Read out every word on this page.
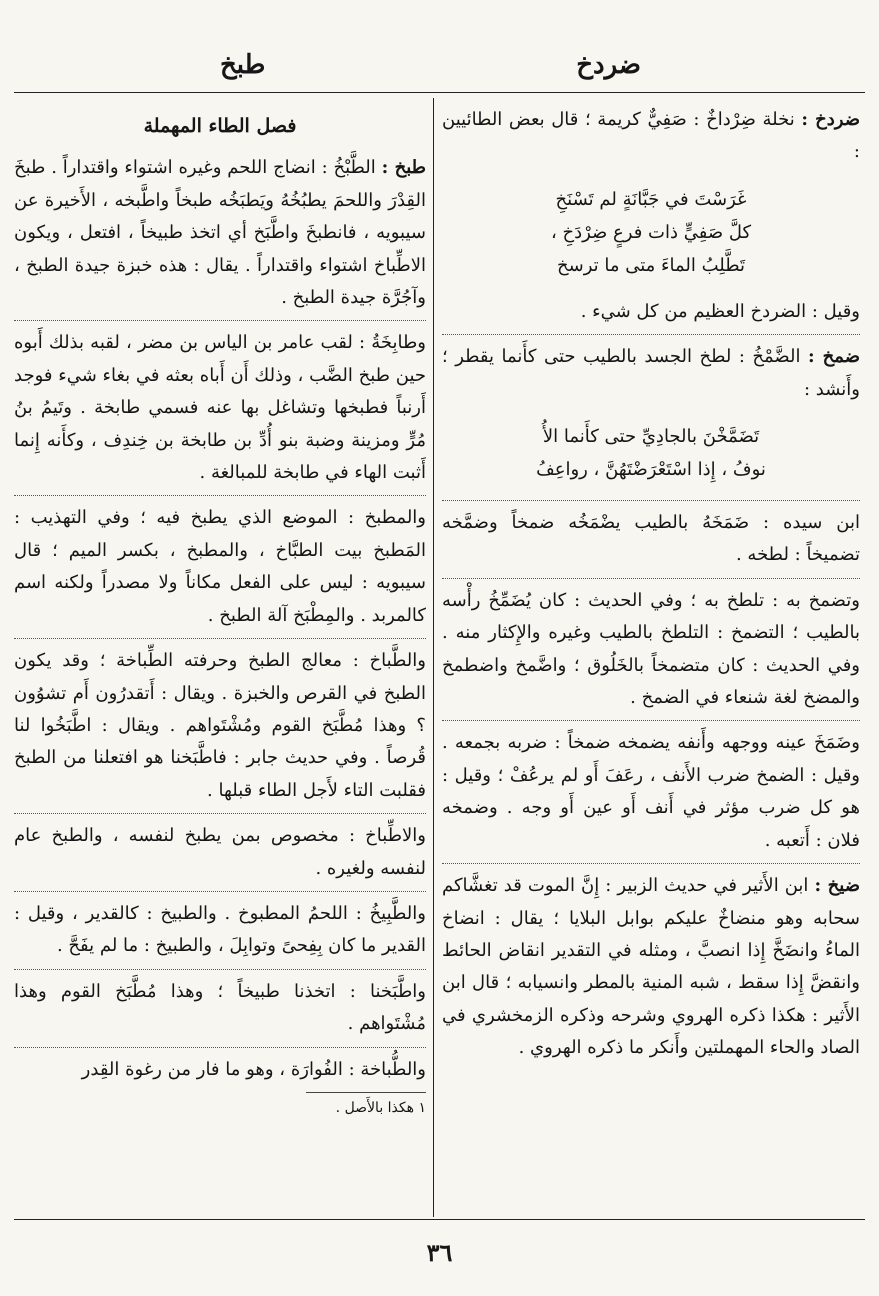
ضردخ
طبخ

ضردخ : نخلة ضِرْداخٌ : صَفِيٌّ كريمة ؛ قال بعض الطائيين :

غَرَسْتَ في جَبَّانَةٍ لم تَسْنَخِ
كلَّ صَفِيٍّ ذات فرعٍ ضِرْدَخِ ،
تَطَّلِبُ الماءَ متى ما ترسخ

وقيل : الضردخ العظيم من كل شيء .

ضمخ : الضَّمْخُ : لطخ الجسد بالطيب حتى كأَنما يقطر ؛ وأَنشد :

تَضَمَّخْنَ بالجادِيِّ حتى كأَنما الأُ
نوفُ ، إِذا اسْتَعْرَضْتَهُنَّ ، رواعِفُ

ابن سيده : ضَمَخَهُ بالطيب يضْمَخُه ضمخاً وضمَّخه تضميخاً : لطخه .

وتضمخ به : تلطخ به ؛ وفي الحديث : كان يُضَمِّخُ رأْسه بالطيب ؛ التضمخ : التلطخ بالطيب وغيره والإِكثار منه . وفي الحديث : كان متضمخاً بالخَلُوق ؛ واضَّمخ واضطمخ والمضخ لغة شنعاء في الضمخ .

وضَمَخَ عينه ووجهه وأَنفه يضمخه ضمخاً : ضربه بجمعه . وقيل : الضمخ ضرب الأَنف ، رعَفَ أَو لم يرعُفْ ؛ وقيل : هو كل ضرب مؤثر في أَنف أَو عين أَو وجه . وضمخه فلان : أَتعبه .

ضيخ : ابن الأَثير في حديث الزبير : إِنَّ الموت قد تغشَّاكم سحابه وهو منضاخٌ عليكم بوابل البلايا ؛ يقال : انضاخ الماءُ وانضَخَّ إِذا انصبَّ ، ومثله في التقدير انقاض الحائط وانقضَّ إِذا سقط ، شبه المنية بالمطر وانسيابه ؛ قال ابن الأَثير : هكذا ذكره الهروي وشرحه وذكره الزمخشري في الصاد والحاء المهملتين وأَنكر ما ذكره الهروي .

فصل الطاء المهملة

طبخ : الطَّبْخُ : انضاج اللحم وغيره اشتواء واقتداراً . طبخَ القِدْرَ واللحمَ يطبُخُهُ ويَطبَخُه طبخاً واطَّبخه ، الأَخيرة عن سيبويه ، فانطبخَ واطَّبَخ أي اتخذ طبيخاً ، افتعل ، ويكون الاطِّباخ اشتواء واقتداراً . يقال : هذه خبزة جيدة الطبخ ، وآجُرَّة جيدة الطبخ .

وطابِخَةُ : لقب عامر بن الياس بن مضر ، لقبه بذلك أَبوه حين طبخ الضَّب ، وذلك أَن أَباه بعثه في بغاء شيء فوجد أَرنباً فطبخها وتشاغل بها عنه فسمي طابخة . وتَيمُ بنُ مُرٍّ ومزينة وضبة بنو أُدِّ بن طابخة بن خِندِف ، وكأَنه إِنما أَثبت الهاء في طابخة للمبالغة .

والمطبخ : الموضع الذي يطبخ فيه ؛ وفي التهذيب : المَطبخ بيت الطبَّاخ ، والمطبخ ، بكسر الميم ؛ قال سيبويه : ليس على الفعل مكاناً ولا مصدراً ولكنه اسم كالمربد . والمِطْبَخ آلة الطبخ .

والطَّباخ : معالج الطبخ وحرفته الطِّباخة ؛ وقد يكون الطبخ في القرص والخبزة . ويقال : أَتقدرُون أَم تشوُون ؟ وهذا مُطَّبَخ القوم ومُشْتَواهم . ويقال : اطَّبَخُوا لنا قُرصاً . وفي حديث جابر : فاطَّبَخنا هو افتعلنا من الطبخ فقلبت التاء لأَجل الطاء قبلها .

والاطِّباخ : مخصوص بمن يطبخ لنفسه ، والطبخ عام لنفسه ولغيره .

والطَّبِيخُ : اللحمُ المطبوخ . والطبيخ : كالقدير ، وقيل : القدير ما كان بِفِحىً وتوابِلَ ، والطبيخ : ما لم يفَحَّ .

واطَّبَخنا : اتخذنا طبيخاً ؛ وهذا مُطَّبَخ القوم وهذا مُشْتَواهم .

والطُّباخة : الفُوارَة ، وهو ما فار من رغوة القِدر

١ هكذا بالأَصل .
٣٦
